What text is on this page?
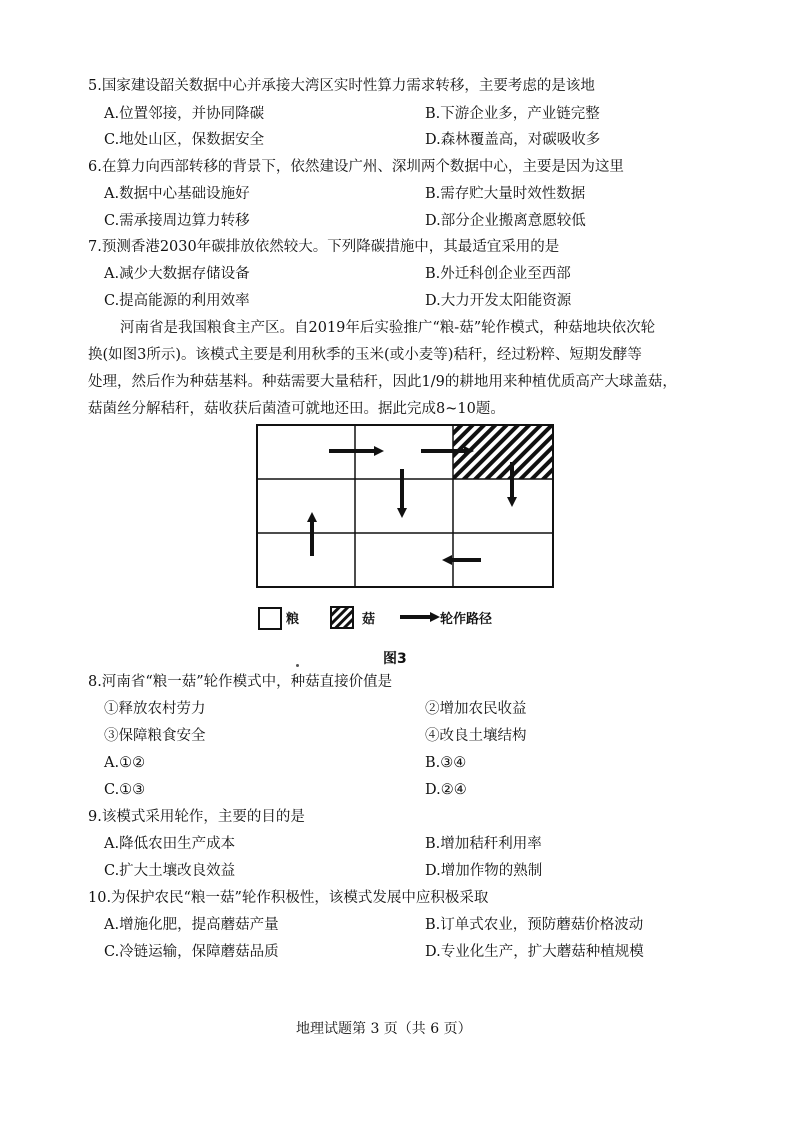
5.国家建设韶关数据中心并承接大湾区实时性算力需求转移，主要考虑的是该地
A.位置邻接，并协同降碳	B.下游企业多，产业链完整
C.地处山区，保数据安全	D.森林覆盖高，对碳吸收多
6.在算力向西部转移的背景下，依然建设广州、深圳两个数据中心，主要是因为这里
A.数据中心基础设施好	B.需存贮大量时效性数据
C.需承接周边算力转移	D.部分企业搬离意愿较低
7.预测香港2030年碳排放依然较大。下列降碳措施中，其最适宜采用的是
A.减少大数据存储设备	B.外迁科创企业至西部
C.提高能源的利用效率	D.大力开发太阳能资源
河南省是我国粮食主产区。自2019年后实验推广“粮-菇”轮作模式，种菇地块依次轮
换(如图3所示)。该模式主要是利用秋季的玉米(或小麦等)秸秆，经过粉粹、短期发酵等
处理，然后作为种菇基料。种菇需要大量秸秆，因此1/9的耕地用来种植优质高产大球盖菇，
菇菌丝分解秸秆，菇收获后菌渣可就地还田。据此完成8~10题。
粮	菇	轮作路径
图3
8.河南省“粮一菇”轮作模式中，种菇直接价值是
①释放农村劳力	②增加农民收益
③保障粮食安全	④改良土壤结构
A.①②	B.③④
C.①③	D.②④
9.该模式采用轮作，主要的目的是
A.降低农田生产成本	B.增加秸秆利用率
C.扩大土壤改良效益	D.增加作物的熟制
10.为保护农民“粮一菇”轮作积极性，该模式发展中应积极采取
A.增施化肥，提高蘑菇产量	B.订单式农业，预防蘑菇价格波动
C.冷链运输，保障蘑菇品质	D.专业化生产，扩大蘑菇种植规模
地理试题第 3 页（共 6 页）
